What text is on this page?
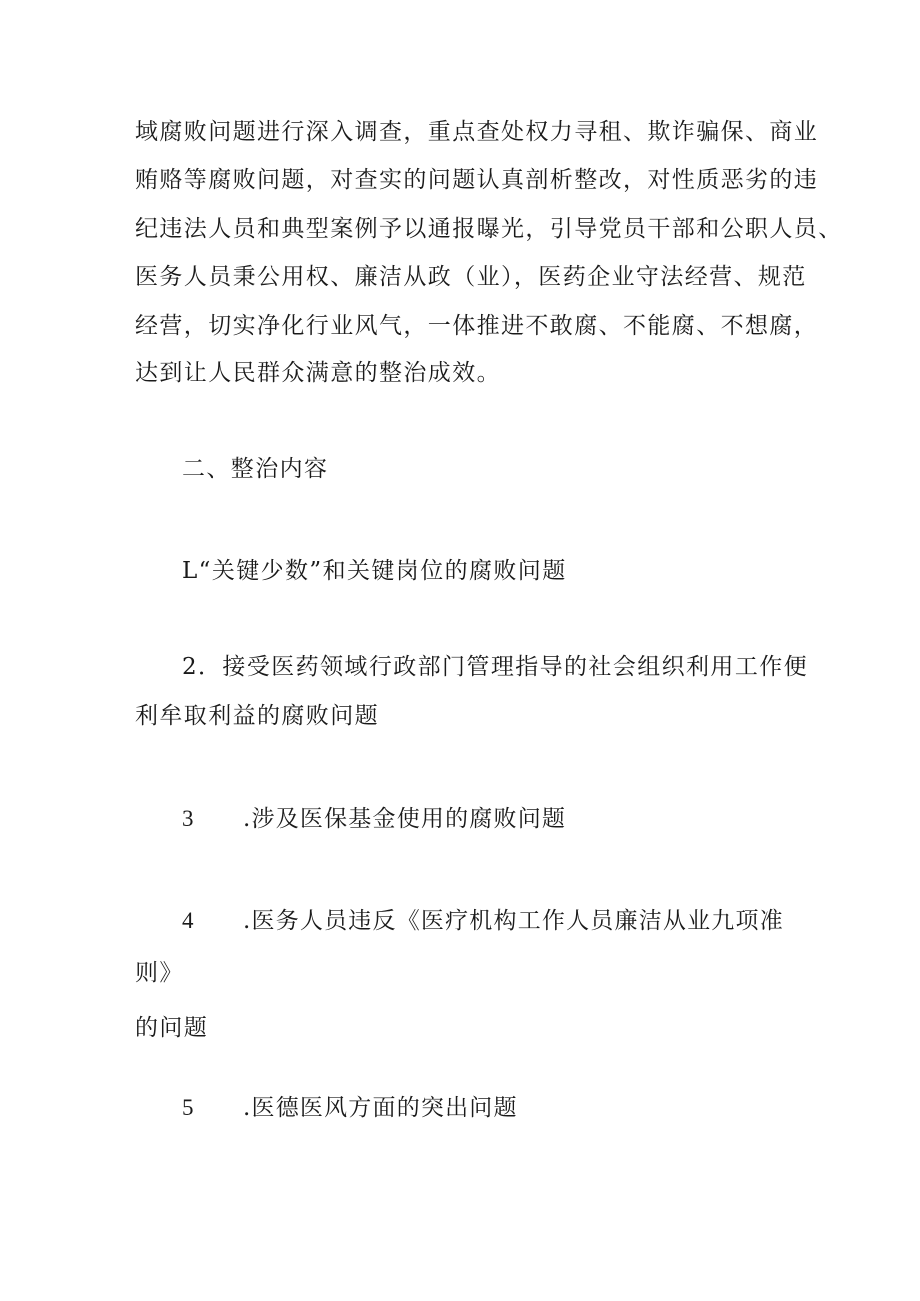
域腐败问题进行深入调查，重点查处权力寻租、欺诈骗保、商业
贿赂等腐败问题，对查实的问题认真剖析整改，对性质恶劣的违
纪违法人员和典型案例予以通报曝光，引导党员干部和公职人员、
医务人员秉公用权、廉洁从政（业），医药企业守法经营、规范
经营，切实净化行业风气，一体推进不敢腐、不能腐、不想腐，
达到让人民群众满意的整治成效。
二、整治内容
L“关键少数”和关键岗位的腐败问题
2．接受医药领域行政部门管理指导的社会组织利用工作便
利牟取利益的腐败问题
3 .涉及医保基金使用的腐败问题
4 .医务人员违反《医疗机构工作人员廉洁从业九项准
则》
的问题
5 .医德医风方面的突出问题
